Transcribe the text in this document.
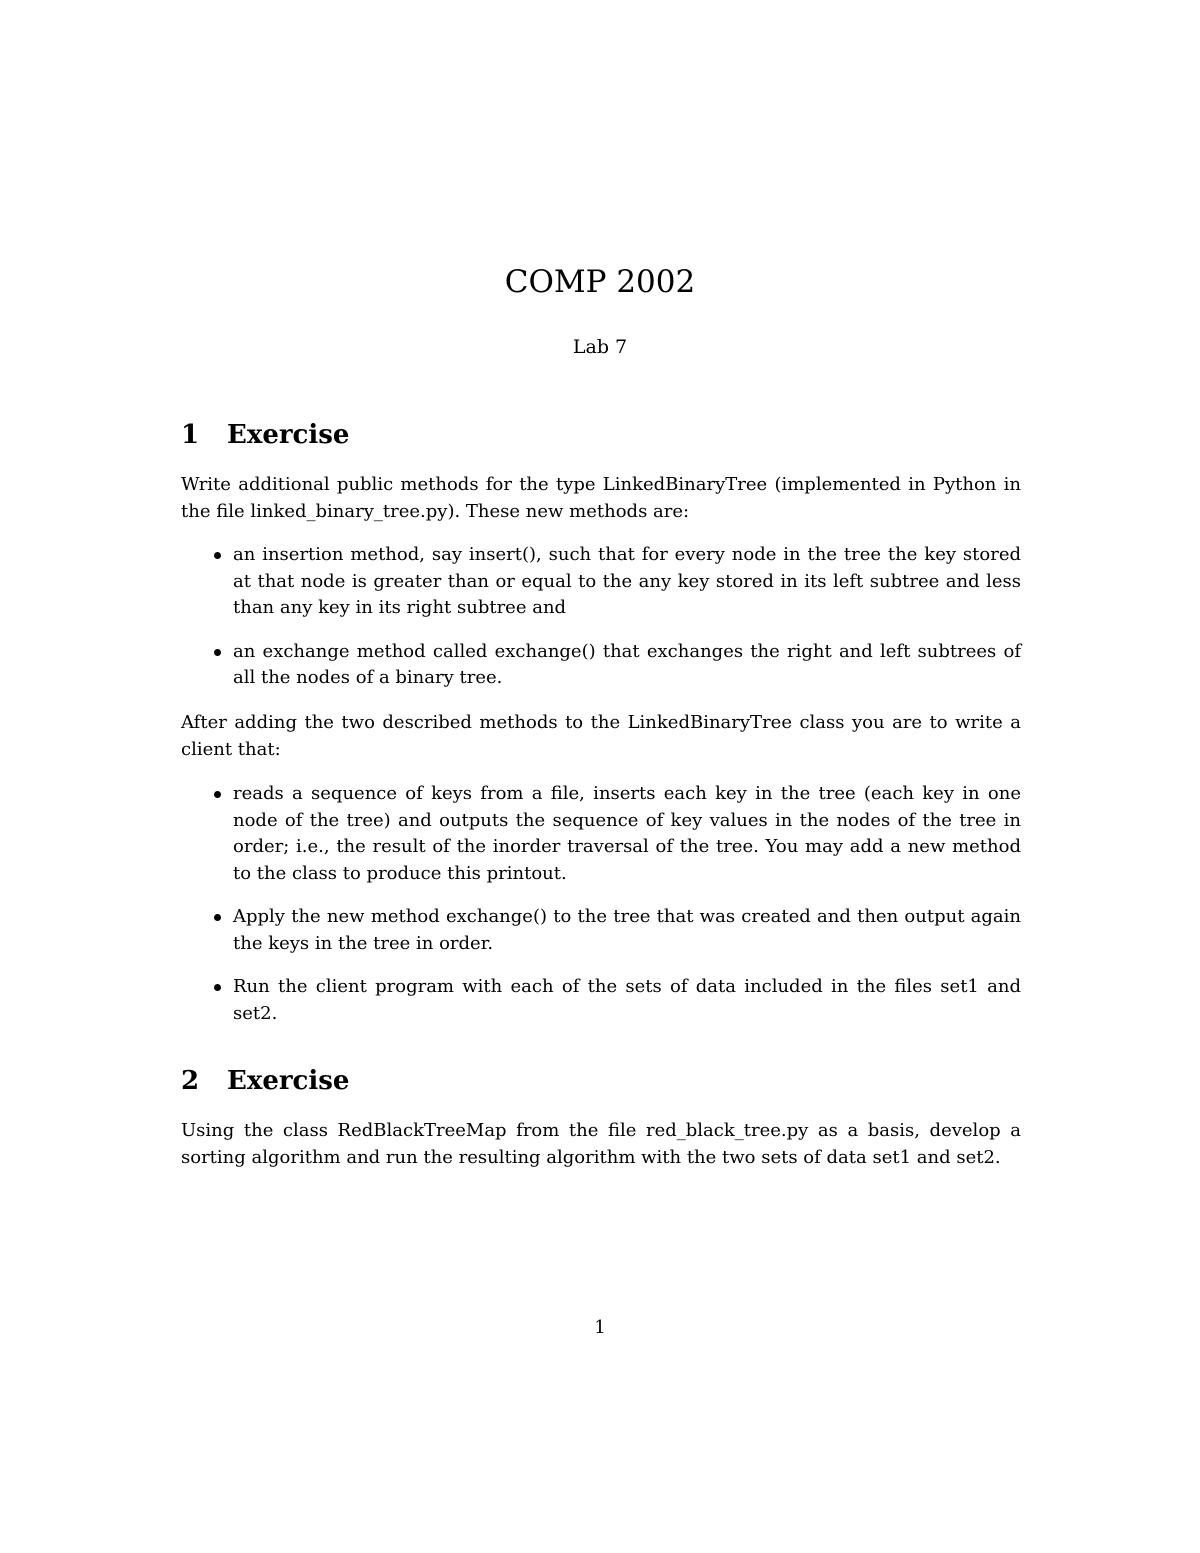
COMP 2002

Lab 7

1 Exercise

Write additional public methods for the type LinkedBinaryTree (implemented in Python in the file linked_binary_tree.py). These new methods are:

an insertion method, say insert(), such that for every node in the tree the key stored at that node is greater than or equal to the any key stored in its left subtree and less than any key in its right subtree and
an exchange method called exchange() that exchanges the right and left subtrees of all the nodes of a binary tree.

After adding the two described methods to the LinkedBinaryTree class you are to write a client that:

reads a sequence of keys from a file, inserts each key in the tree (each key in one node of the tree) and outputs the sequence of key values in the nodes of the tree in order; i.e., the result of the inorder traversal of the tree. You may add a new method to the class to produce this printout.
Apply the new method exchange() to the tree that was created and then output again the keys in the tree in order.
Run the client program with each of the sets of data included in the files set1 and set2.
2 Exercise

Using the class RedBlackTreeMap from the file red_black_tree.py as a basis, develop a sorting algorithm and run the resulting algorithm with the two sets of data set1 and set2.

1
